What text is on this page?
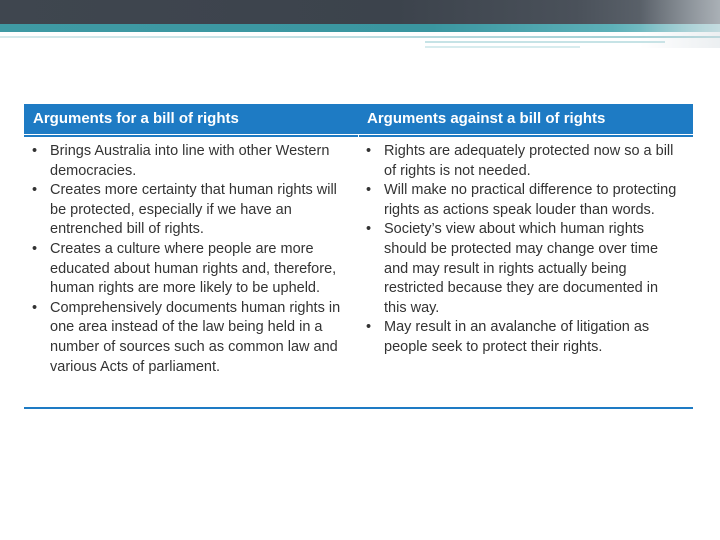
Arguments for a bill of rights	Arguments against a bill of rights
• Brings Australia into line with other Western democracies.
• Creates more certainty that human rights will be protected, especially if we have an entrenched bill of rights.
• Creates a culture where people are more educated about human rights and, therefore, human rights are more likely to be upheld.
• Comprehensively documents human rights in one area instead of the law being held in a number of sources such as common law and various Acts of parliament.
• Rights are adequately protected now so a bill of rights is not needed.
• Will make no practical difference to protecting rights as actions speak louder than words.
• Society’s view about which human rights should be protected may change over time and may result in rights actually being restricted because they are documented in this way.
• May result in an avalanche of litigation as people seek to protect their rights.
